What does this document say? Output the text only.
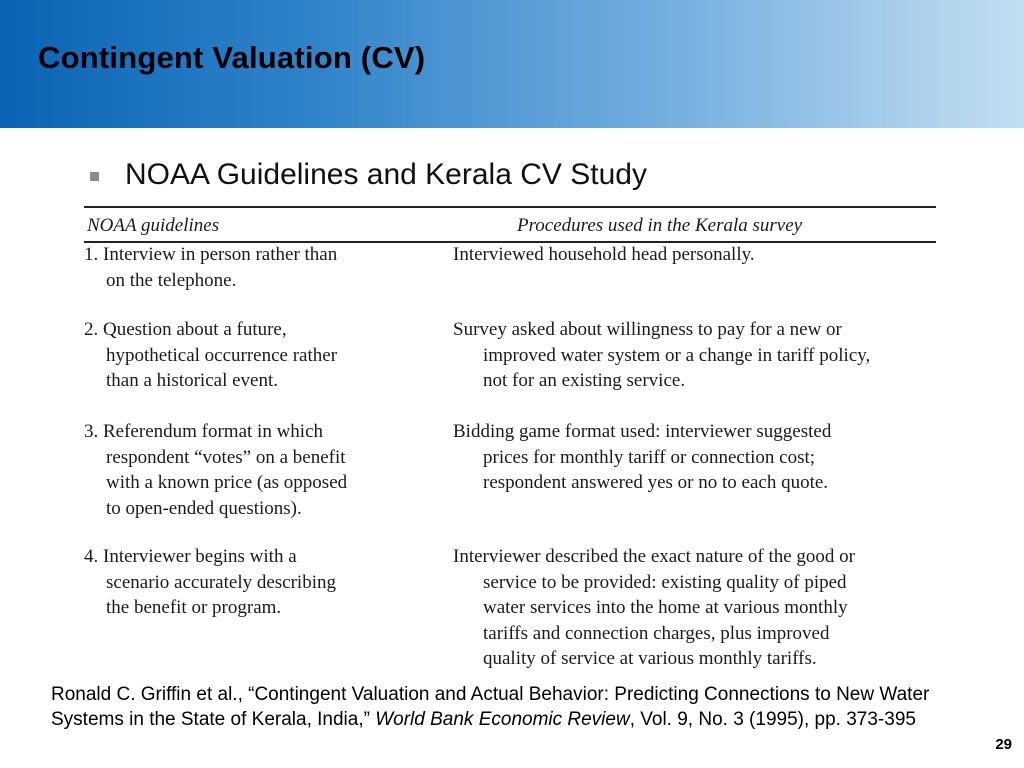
Contingent Valuation (CV)
NOAA Guidelines and Kerala CV Study
NOAA guidelines	Procedures used in the Kerala survey
1. Interview in person rather than
on the telephone.
Interviewed household head personally.
2. Question about a future,
hypothetical occurrence rather
than a historical event.
Survey asked about willingness to pay for a new or
improved water system or a change in tariff policy,
not for an existing service.
3. Referendum format in which
respondent “votes” on a benefit
with a known price (as opposed
to open-ended questions).
Bidding game format used: interviewer suggested
prices for monthly tariff or connection cost;
respondent answered yes or no to each quote.
4. Interviewer begins with a
scenario accurately describing
the benefit or program.
Interviewer described the exact nature of the good or
service to be provided: existing quality of piped
water services into the home at various monthly
tariffs and connection charges, plus improved
quality of service at various monthly tariffs.
Ronald C. Griffin et al., “Contingent Valuation and Actual Behavior: Predicting Connections to New Water Systems in the State of Kerala, India,” World Bank Economic Review, Vol. 9, No. 3 (1995), pp. 373-395
29
